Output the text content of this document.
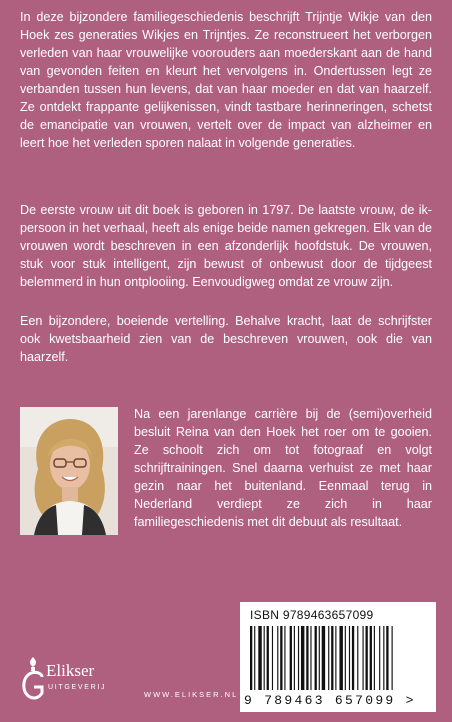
In deze bijzondere familiegeschiedenis beschrijft Trijntje Wikje van den Hoek zes generaties Wikjes en Trijntjes. Ze reconstrueert het verborgen verleden van haar vrouwelijke voorouders aan moederskant aan de hand van gevonden feiten en kleurt het vervolgens in. Ondertussen legt ze verbanden tussen hun levens, dat van haar moeder en dat van haarzelf. Ze ontdekt frappante gelijkenissen, vindt tastbare herinneringen, schetst de emancipatie van vrouwen, vertelt over de impact van alzheimer en leert hoe het verleden sporen nalaat in volgende generaties.

De eerste vrouw uit dit boek is geboren in 1797. De laatste vrouw, de ik-persoon in het verhaal, heeft als enige beide namen gekregen. Elk van de vrouwen wordt beschreven in een afzonderlijk hoofdstuk. De vrouwen, stuk voor stuk intelligent, zijn bewust of onbewust door de tijdgeest belemmerd in hun ontplooiing. Eenvoudigweg omdat ze vrouw zijn.

Een bijzondere, boeiende vertelling. Behalve kracht, laat de schrijfster ook kwetsbaarheid zien van de beschreven vrouwen, ook die van haarzelf.

Na een jarenlange carrière bij de (semi)overheid besluit Reina van den Hoek het roer om te gooien. Ze schoolt zich om tot fotograaf en volgt schrijftrainingen. Snel daarna verhuist ze met haar gezin naar het buitenland. Eenmaal terug in Nederland verdiept ze zich in haar familiegeschiedenis met dit debuut als resultaat.

ISBN 9789463657099
9 789463 657099 >
Elikser
UITGEVERIJ
WWW.ELIKSER.NL
